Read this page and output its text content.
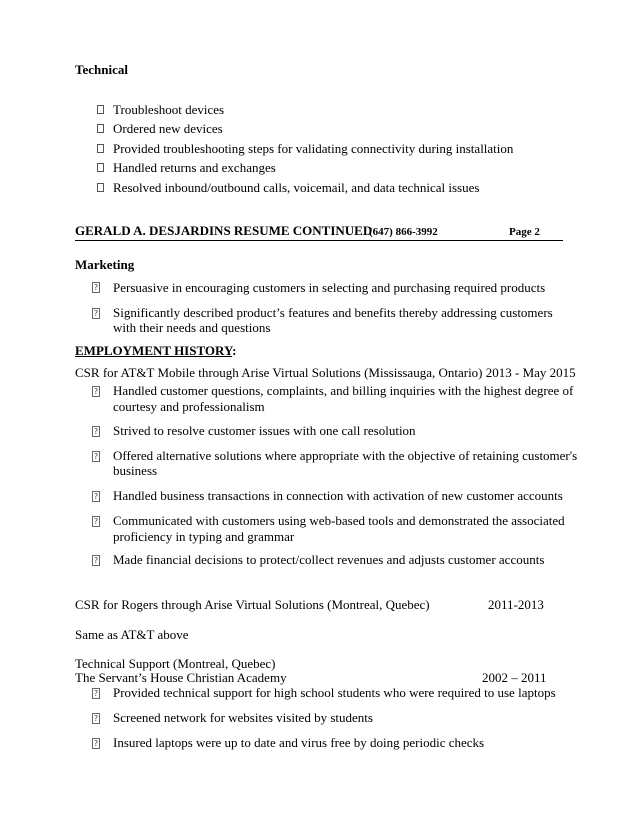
Technical
Troubleshoot devices
Ordered new devices
Provided troubleshooting steps for validating connectivity during installation
Handled returns and exchanges
Resolved inbound/outbound calls, voicemail, and data technical issues
GERALD A. DESJARDINS RESUME CONTINUED
(647) 866-3992	Page 2
Marketing
? Persuasive in encouraging customers in selecting and purchasing required products
? Significantly described product’s features and benefits thereby addressing customers
with their needs and questions
EMPLOYMENT HISTORY:
CSR for AT&T Mobile through Arise Virtual Solutions (Mississauga, Ontario) 2013 - May 2015
? Handled customer questions, complaints, and billing inquiries with the highest degree of
courtesy and professionalism
? Strived to resolve customer issues with one call resolution
? Offered alternative solutions where appropriate with the objective of retaining customer's
business
? Handled business transactions in connection with activation of new customer accounts
? Communicated with customers using web-based tools and demonstrated the associated
proficiency in typing and grammar
? Made financial decisions to protect/collect revenues and adjusts customer accounts
CSR for Rogers through Arise Virtual Solutions (Montreal, Quebec)	2011-2013
Same as AT&T above
Technical Support (Montreal, Quebec)
The Servant’s House Christian Academy	2002 – 2011
? Provided technical support for high school students who were required to use laptops
? Screened network for websites visited by students
? Insured laptops were up to date and virus free by doing periodic checks
